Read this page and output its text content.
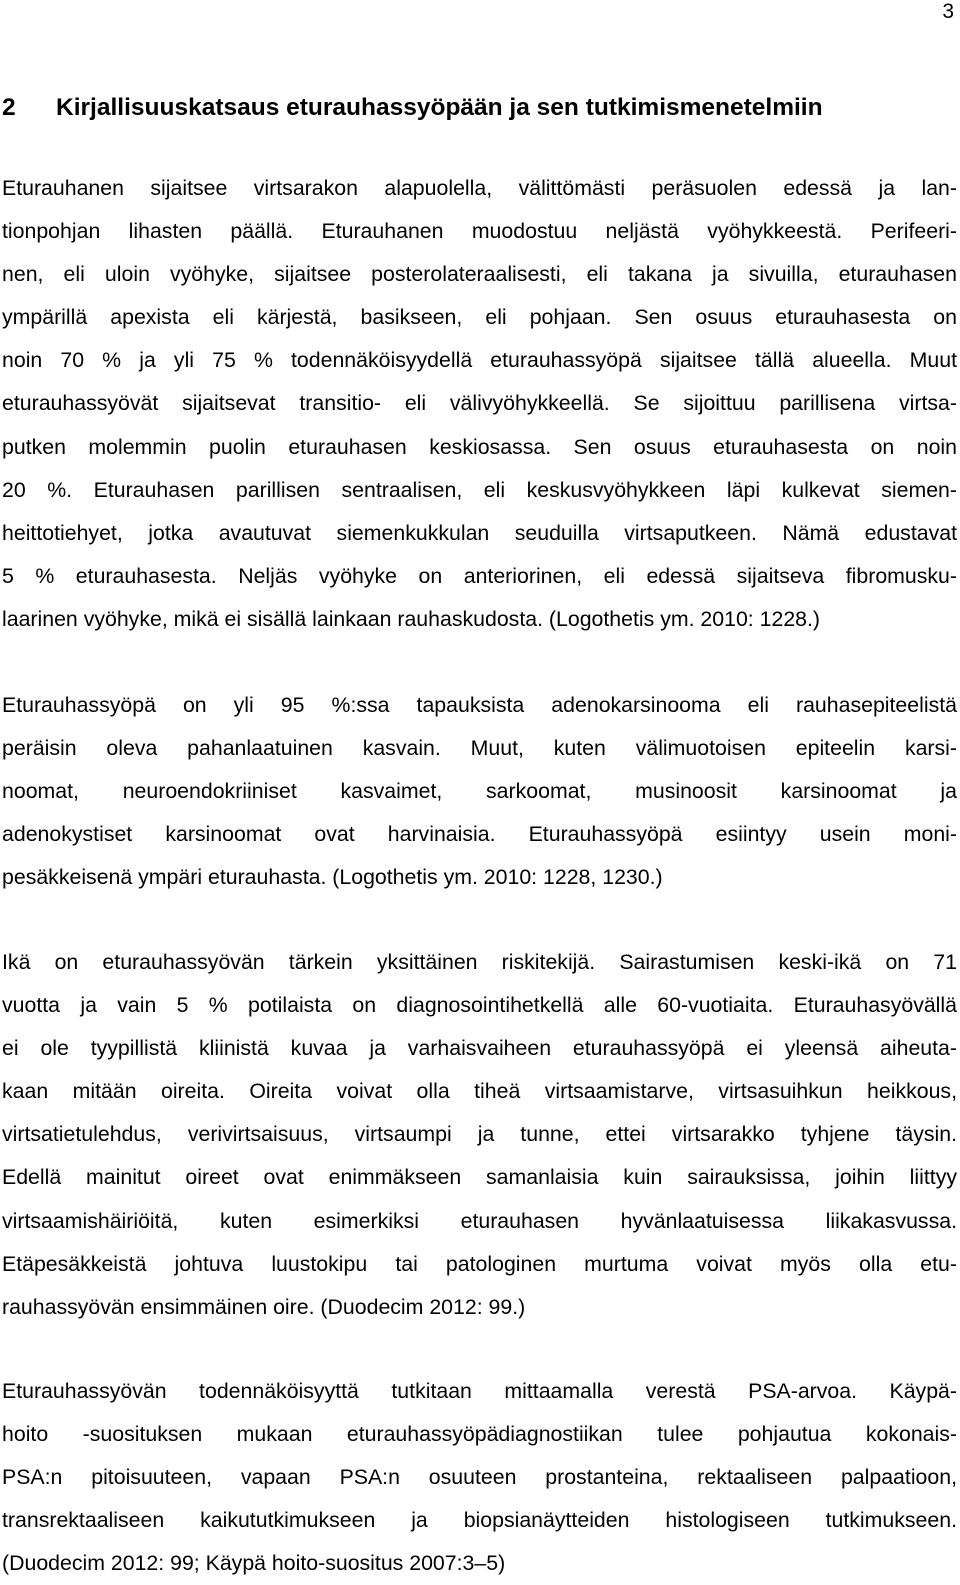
3
2 Kirjallisuuskatsaus eturauhassyöpään ja sen tutkimismenetelmiin
Eturauhanen sijaitsee virtsarakon alapuolella, välittömästi peräsuolen edessä ja lan-
tionpohjan lihasten päällä. Eturauhanen muodostuu neljästä vyöhykkeestä. Perifeeri-
nen, eli uloin vyöhyke, sijaitsee posterolateraalisesti, eli takana ja sivuilla, eturauhasen
ympärillä apexista eli kärjestä, basikseen, eli pohjaan. Sen osuus eturauhasesta on
noin 70 % ja yli 75 % todennäköisyydellä eturauhassyöpä sijaitsee tällä alueella. Muut
eturauhassyövät sijaitsevat transitio- eli välivyöhykkeellä. Se sijoittuu parillisena virtsa-
putken molemmin puolin eturauhasen keskiosassa. Sen osuus eturauhasesta on noin
20 %. Eturauhasen parillisen sentraalisen, eli keskusvyöhykkeen läpi kulkevat siemen-
heittotiehyet, jotka avautuvat siemenkukkulan seuduilla virtsaputkeen. Nämä edustavat
5 % eturauhasesta. Neljäs vyöhyke on anteriorinen, eli edessä sijaitseva fibromusku-
laarinen vyöhyke, mikä ei sisällä lainkaan rauhaskudosta. (Logothetis ym. 2010: 1228.)
Eturauhassyöpä on yli 95 %:ssa tapauksista adenokarsinooma eli rauhasepiteelistä
peräisin oleva pahanlaatuinen kasvain. Muut, kuten välimuotoisen epiteelin karsi-
noomat, neuroendokriiniset kasvaimet, sarkoomat, musinoosit karsinoomat ja
adenokystiset karsinoomat ovat harvinaisia. Eturauhassyöpä esiintyy usein moni-
pesäkkeisenä ympäri eturauhasta. (Logothetis ym. 2010: 1228, 1230.)
Ikä on eturauhassyövän tärkein yksittäinen riskitekijä. Sairastumisen keski-ikä on 71
vuotta ja vain 5 % potilaista on diagnosointihetkellä alle 60-vuotiaita. Eturauhasyövällä
ei ole tyypillistä kliinistä kuvaa ja varhaisvaiheen eturauhassyöpä ei yleensä aiheuta-
kaan mitään oireita. Oireita voivat olla tiheä virtsaamistarve, virtsasuihkun heikkous,
virtsatietulehdus, verivirtsaisuus, virtsaumpi ja tunne, ettei virtsarakko tyhjene täysin.
Edellä mainitut oireet ovat enimmäkseen samanlaisia kuin sairauksissa, joihin liittyy
virtsaamishäiriöitä, kuten esimerkiksi eturauhasen hyvänlaatuisessa liikakasvussa.
Etäpesäkkeistä johtuva luustokipu tai patologinen murtuma voivat myös olla etu-
rauhassyövän ensimmäinen oire. (Duodecim 2012: 99.)
Eturauhassyövän todennäköisyyttä tutkitaan mittaamalla verestä PSA-arvoa. Käypä-
hoito -suosituksen mukaan eturauhassyöpädiagnostiikan tulee pohjautua kokonais-
PSA:n pitoisuuteen, vapaan PSA:n osuuteen prostanteina, rektaaliseen palpaatioon,
transrektaaliseen kaikututkimukseen ja biopsianäytteiden histologiseen tutkimukseen.
(Duodecim 2012: 99; Käypä hoito-suositus 2007:3–5)
